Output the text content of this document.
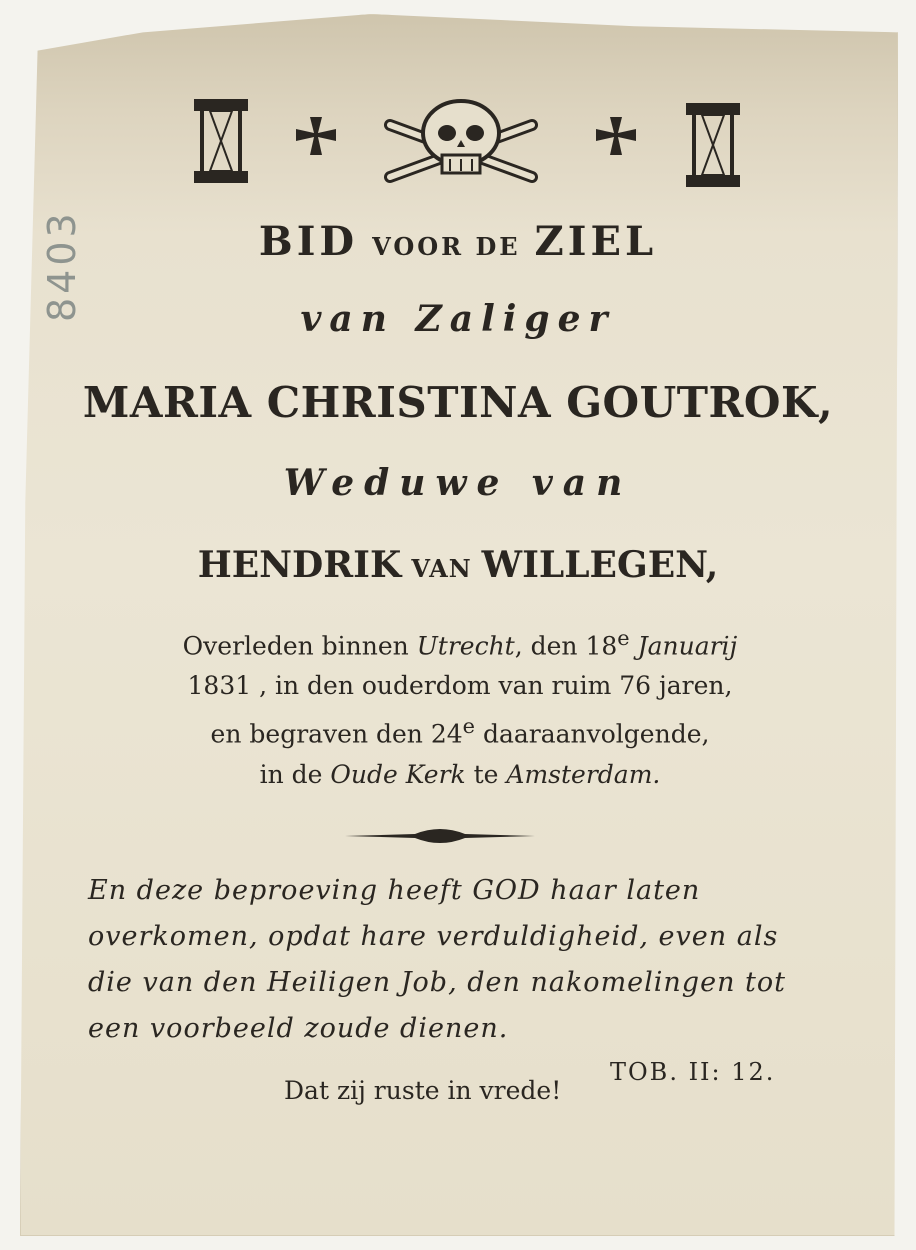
8403	BID VOOR DE ZIEL

van Zaliger

MARIA CHRISTINA GOUTROK,

Weduwe van

HENDRIK VAN WILLEGEN,

Overleden binnen Utrecht, den 18e Januarij
1831 , in den ouderdom van ruim 76 jaren,
en begraven den 24e daaraanvolgende,
in de Oude Kerk te Amsterdam.
En deze beproeving heeft GOD haar laten overkomen, opdat hare verduldigheid, even als die van den Heiligen Job, den nakomelingen tot een voorbeeld zoude dienen.
TOB. II: 12.
Dat zij ruste in vrede!
